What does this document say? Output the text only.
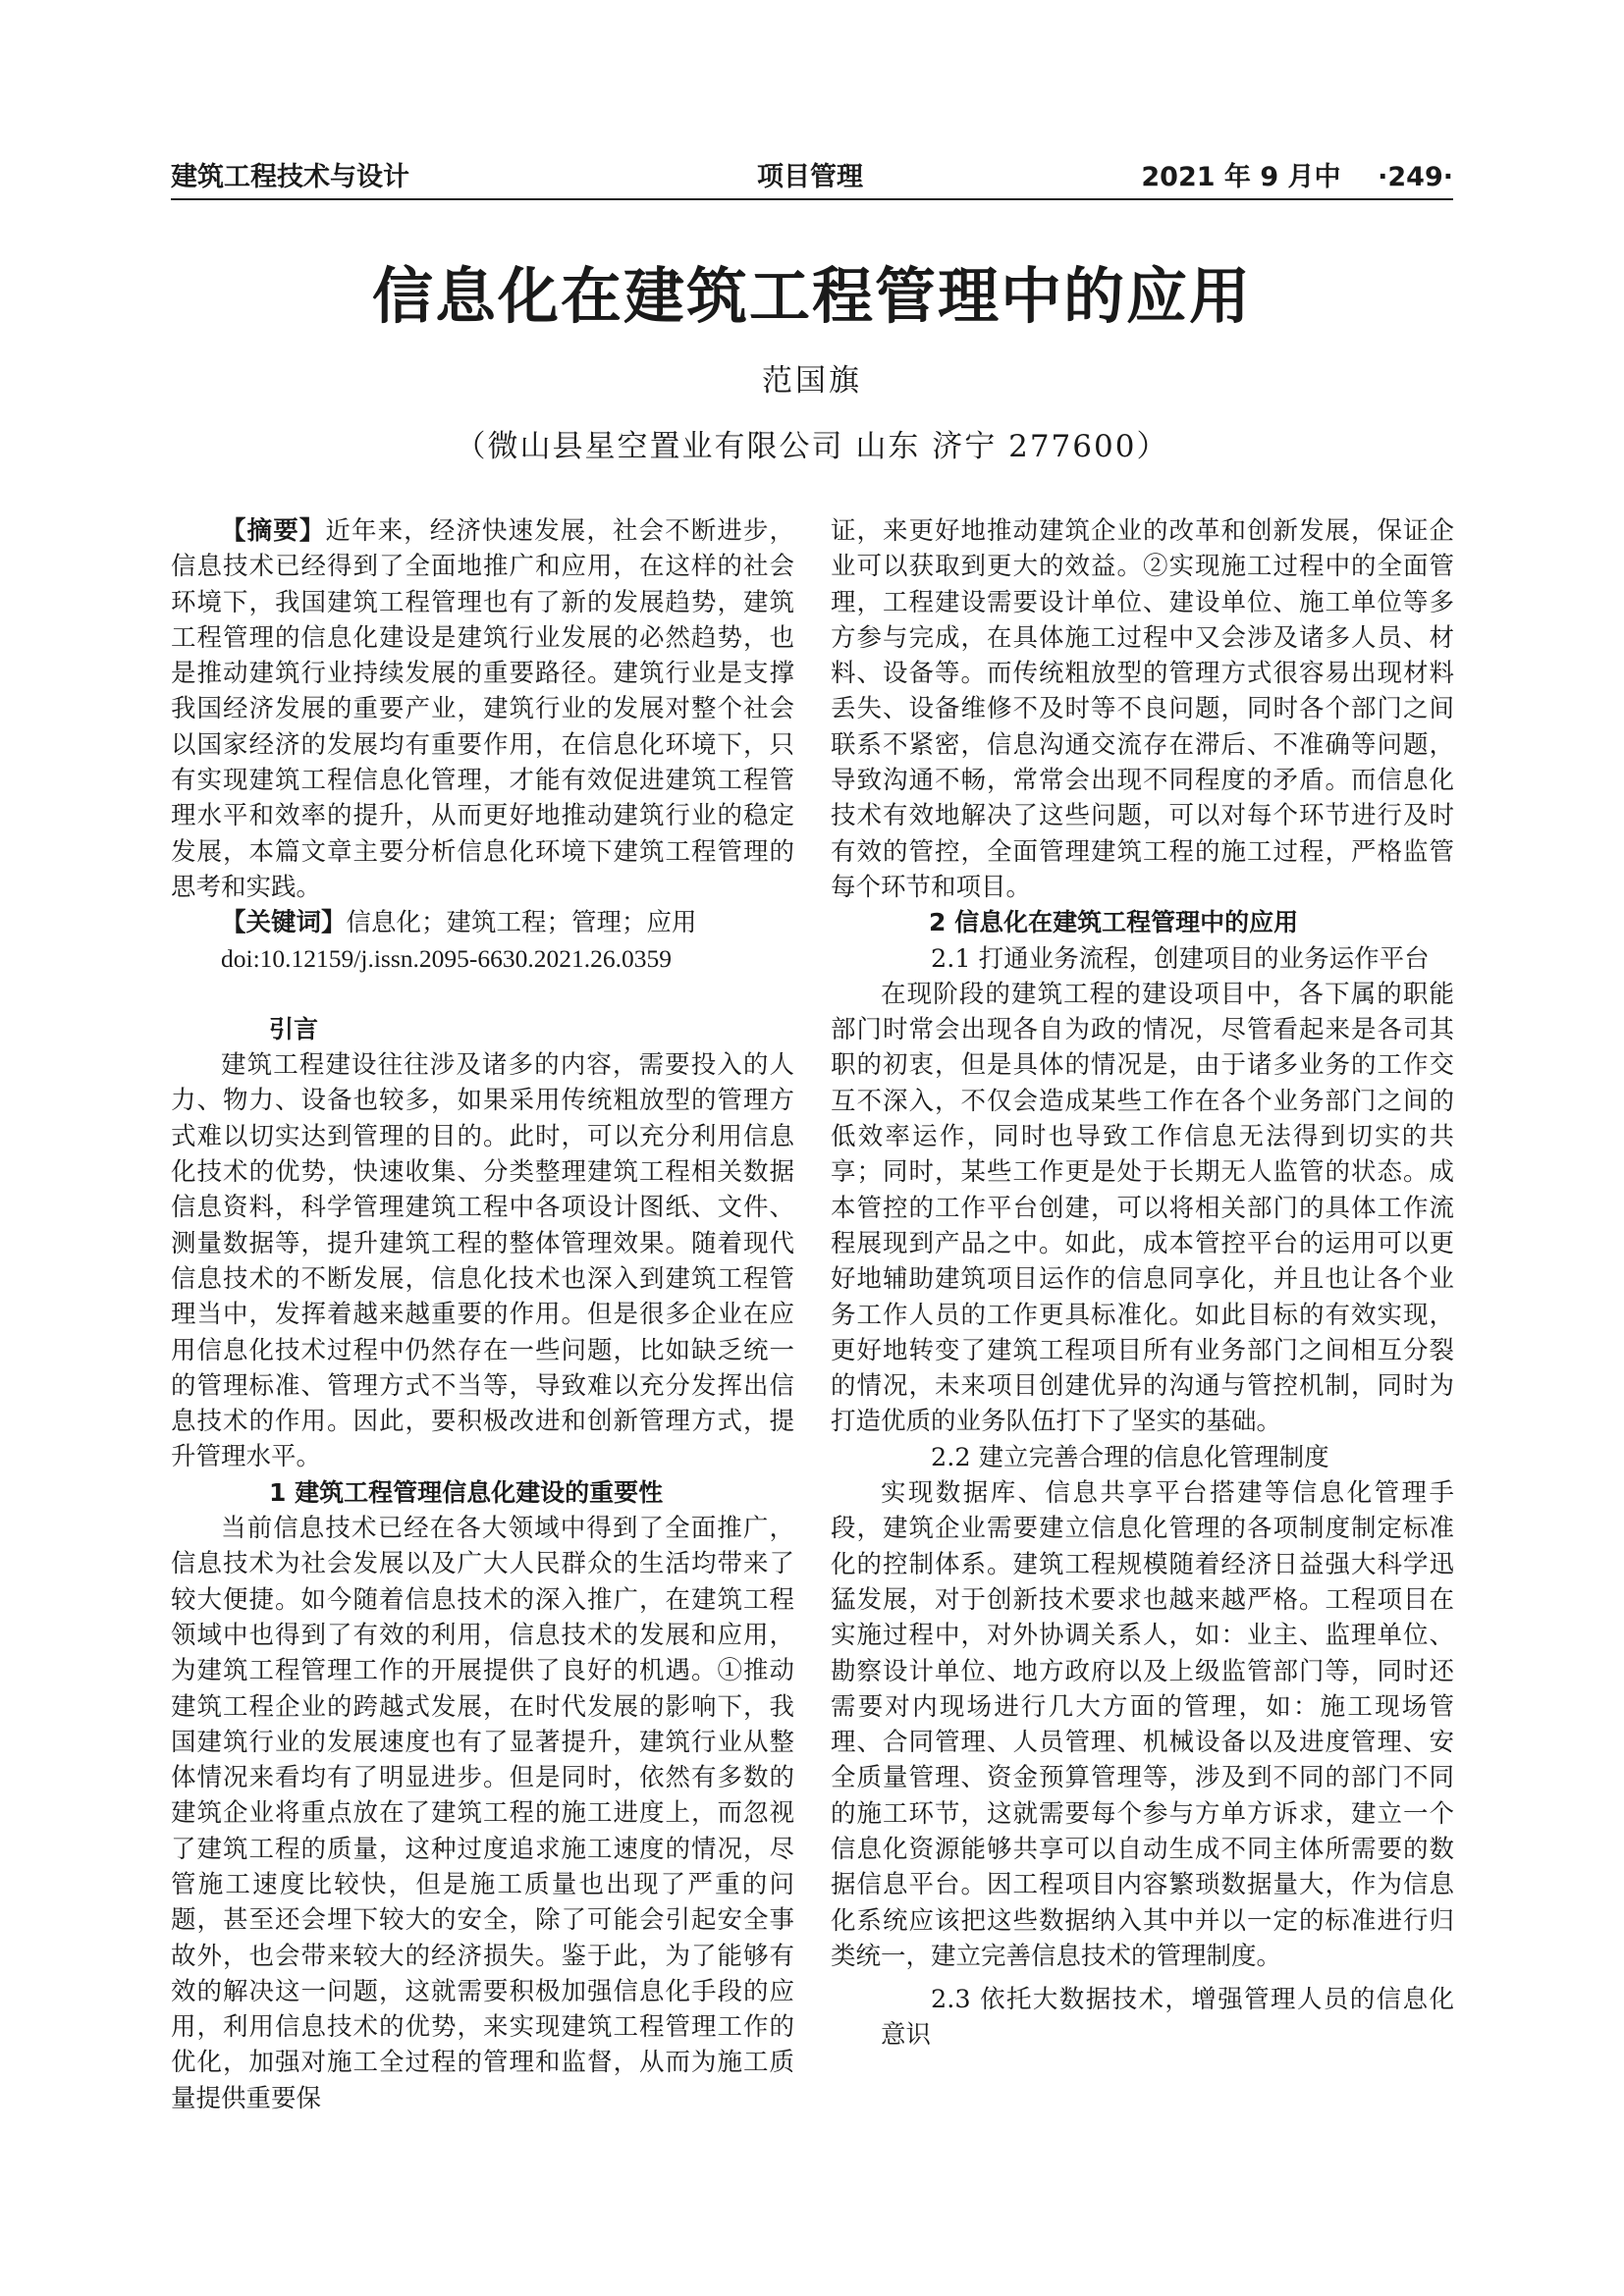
建筑工程技术与设计	项目管理	2021 年 9 月中 ·249·
信息化在建筑工程管理中的应用
范国旗
（微山县星空置业有限公司 山东 济宁 277600）

【摘要】近年来，经济快速发展，社会不断进步，信息技术已经得到了全面地推广和应用，在这样的社会环境下，我国建筑工程管理也有了新的发展趋势，建筑工程管理的信息化建设是建筑行业发展的必然趋势，也是推动建筑行业持续发展的重要路径。建筑行业是支撑我国经济发展的重要产业，建筑行业的发展对整个社会以国家经济的发展均有重要作用，在信息化环境下，只有实现建筑工程信息化管理，才能有效促进建筑工程管理水平和效率的提升，从而更好地推动建筑行业的稳定发展，本篇文章主要分析信息化环境下建筑工程管理的思考和实践。

【关键词】信息化；建筑工程；管理；应用

doi:10.12159/j.issn.2095-6630.2021.26.0359

引言

建筑工程建设往往涉及诸多的内容，需要投入的人力、物力、设备也较多，如果采用传统粗放型的管理方式难以切实达到管理的目的。此时，可以充分利用信息化技术的优势，快速收集、分类整理建筑工程相关数据信息资料，科学管理建筑工程中各项设计图纸、文件、测量数据等，提升建筑工程的整体管理效果。随着现代信息技术的不断发展，信息化技术也深入到建筑工程管理当中，发挥着越来越重要的作用。但是很多企业在应用信息化技术过程中仍然存在一些问题，比如缺乏统一的管理标准、管理方式不当等，导致难以充分发挥出信息技术的作用。因此，要积极改进和创新管理方式，提升管理水平。

1 建筑工程管理信息化建设的重要性

当前信息技术已经在各大领域中得到了全面推广，信息技术为社会发展以及广大人民群众的生活均带来了较大便捷。如今随着信息技术的深入推广，在建筑工程领域中也得到了有效的利用，信息技术的发展和应用，为建筑工程管理工作的开展提供了良好的机遇。①推动建筑工程企业的跨越式发展，在时代发展的影响下，我国建筑行业的发展速度也有了显著提升，建筑行业从整体情况来看均有了明显进步。但是同时，依然有多数的建筑企业将重点放在了建筑工程的施工进度上，而忽视了建筑工程的质量，这种过度追求施工速度的情况，尽管施工速度比较快，但是施工质量也出现了严重的问题，甚至还会埋下较大的安全，除了可能会引起安全事故外，也会带来较大的经济损失。鉴于此，为了能够有效的解决这一问题，这就需要积极加强信息化手段的应用，利用信息技术的优势，来实现建筑工程管理工作的优化，加强对施工全过程的管理和监督，从而为施工质量提供重要保

证，来更好地推动建筑企业的改革和创新发展，保证企业可以获取到更大的效益。②实现施工过程中的全面管理，工程建设需要设计单位、建设单位、施工单位等多方参与完成，在具体施工过程中又会涉及诸多人员、材料、设备等。而传统粗放型的管理方式很容易出现材料丢失、设备维修不及时等不良问题，同时各个部门之间联系不紧密，信息沟通交流存在滞后、不准确等问题，导致沟通不畅，常常会出现不同程度的矛盾。而信息化技术有效地解决了这些问题，可以对每个环节进行及时有效的管控，全面管理建筑工程的施工过程，严格监管每个环节和项目。

2 信息化在建筑工程管理中的应用

2.1 打通业务流程，创建项目的业务运作平台

在现阶段的建筑工程的建设项目中，各下属的职能部门时常会出现各自为政的情况，尽管看起来是各司其职的初衷，但是具体的情况是，由于诸多业务的工作交互不深入，不仅会造成某些工作在各个业务部门之间的低效率运作，同时也导致工作信息无法得到切实的共享；同时，某些工作更是处于长期无人监管的状态。成本管控的工作平台创建，可以将相关部门的具体工作流程展现到产品之中。如此，成本管控平台的运用可以更好地辅助建筑项目运作的信息同享化，并且也让各个业务工作人员的工作更具标准化。如此目标的有效实现，更好地转变了建筑工程项目所有业务部门之间相互分裂的情况，未来项目创建优异的沟通与管控机制，同时为打造优质的业务队伍打下了坚实的基础。

2.2 建立完善合理的信息化管理制度

实现数据库、信息共享平台搭建等信息化管理手段，建筑企业需要建立信息化管理的各项制度制定标准化的控制体系。建筑工程规模随着经济日益强大科学迅猛发展，对于创新技术要求也越来越严格。工程项目在实施过程中，对外协调关系人，如：业主、监理单位、勘察设计单位、地方政府以及上级监管部门等，同时还需要对内现场进行几大方面的管理，如：施工现场管理、合同管理、人员管理、机械设备以及进度管理、安全质量管理、资金预算管理等，涉及到不同的部门不同的施工环节，这就需要每个参与方单方诉求，建立一个信息化资源能够共享可以自动生成不同主体所需要的数据信息平台。因工程项目内容繁琐数据量大，作为信息化系统应该把这些数据纳入其中并以一定的标准进行归类统一，建立完善信息技术的管理制度。

2.3 依托大数据技术，增强管理人员的信息化意识
